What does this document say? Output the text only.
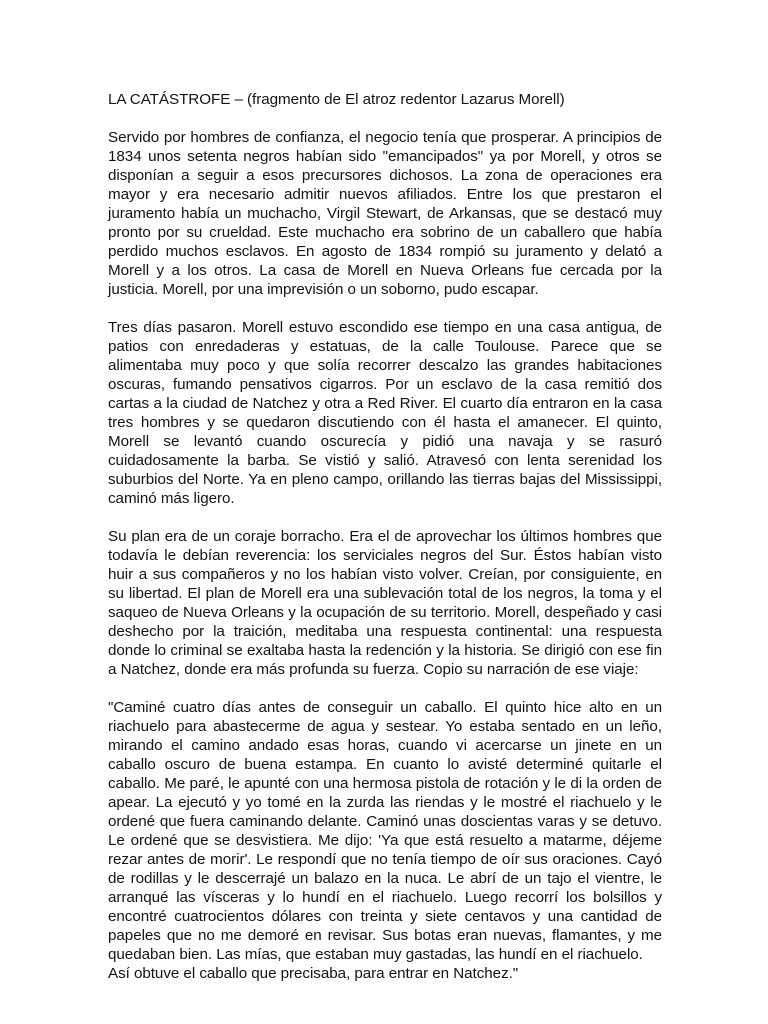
LA CATÁSTROFE – (fragmento de El atroz redentor Lazarus Morell)
Servido por hombres de confianza, el negocio tenía que prosperar. A principios de 1834 unos setenta negros habían sido "emancipados" ya por Morell, y otros se disponían a seguir a esos precursores dichosos. La zona de operaciones era mayor y era necesario admitir nuevos afiliados. Entre los que prestaron el juramento había un muchacho, Virgil Stewart, de Arkansas, que se destacó muy pronto por su crueldad. Este muchacho era sobrino de un caballero que había perdido muchos esclavos. En agosto de 1834 rompió su juramento y delató a Morell y a los otros. La casa de Morell en Nueva Orleans fue cercada por la justicia. Morell, por una imprevisión o un soborno, pudo escapar.
Tres días pasaron. Morell estuvo escondido ese tiempo en una casa antigua, de patios con enredaderas y estatuas, de la calle Toulouse. Parece que se alimentaba muy poco y que solía recorrer descalzo las grandes habitaciones oscuras, fumando pensativos cigarros. Por un esclavo de la casa remitió dos cartas a la ciudad de Natchez y otra a Red River. El cuarto día entraron en la casa tres hombres y se quedaron discutiendo con él hasta el amanecer. El quinto, Morell se levantó cuando oscurecía y pidió una navaja y se rasuró cuidadosamente la barba. Se vistió y salió. Atravesó con lenta serenidad los suburbios del Norte. Ya en pleno campo, orillando las tierras bajas del Mississippi, caminó más ligero.
Su plan era de un coraje borracho. Era el de aprovechar los últimos hombres que todavía le debían reverencia: los serviciales negros del Sur. Éstos habían visto huir a sus compañeros y no los habían visto volver. Creían, por consiguiente, en su libertad. El plan de Morell era una sublevación total de los negros, la toma y el saqueo de Nueva Orleans y la ocupación de su territorio. Morell, despeñado y casi deshecho por la traición, meditaba una respuesta continental: una respuesta donde lo criminal se exaltaba hasta la redención y la historia. Se dirigió con ese fin a Natchez, donde era más profunda su fuerza. Copio su narración de ese viaje:
"Caminé cuatro días antes de conseguir un caballo. El quinto hice alto en un riachuelo para abastecerme de agua y sestear. Yo estaba sentado en un leño, mirando el camino andado esas horas, cuando vi acercarse un jinete en un caballo oscuro de buena estampa. En cuanto lo avisté determiné quitarle el caballo. Me paré, le apunté con una hermosa pistola de rotación y le di la orden de apear. La ejecutó y yo tomé en la zurda las riendas y le mostré el riachuelo y le ordené que fuera caminando delante. Caminó unas doscientas varas y se detuvo. Le ordené que se desvistiera. Me dijo: 'Ya que está resuelto a matarme, déjeme rezar antes de morir'. Le respondí que no tenía tiempo de oír sus oraciones. Cayó de rodillas y le descerrajé un balazo en la nuca. Le abrí de un tajo el vientre, le arranqué las vísceras y lo hundí en el riachuelo. Luego recorrí los bolsillos y encontré cuatrocientos dólares con treinta y siete centavos y una cantidad de papeles que no me demoré en revisar. Sus botas eran nuevas, flamantes, y me quedaban bien. Las mías, que estaban muy gastadas, las hundí en el riachuelo.
Así obtuve el caballo que precisaba, para entrar en Natchez."
